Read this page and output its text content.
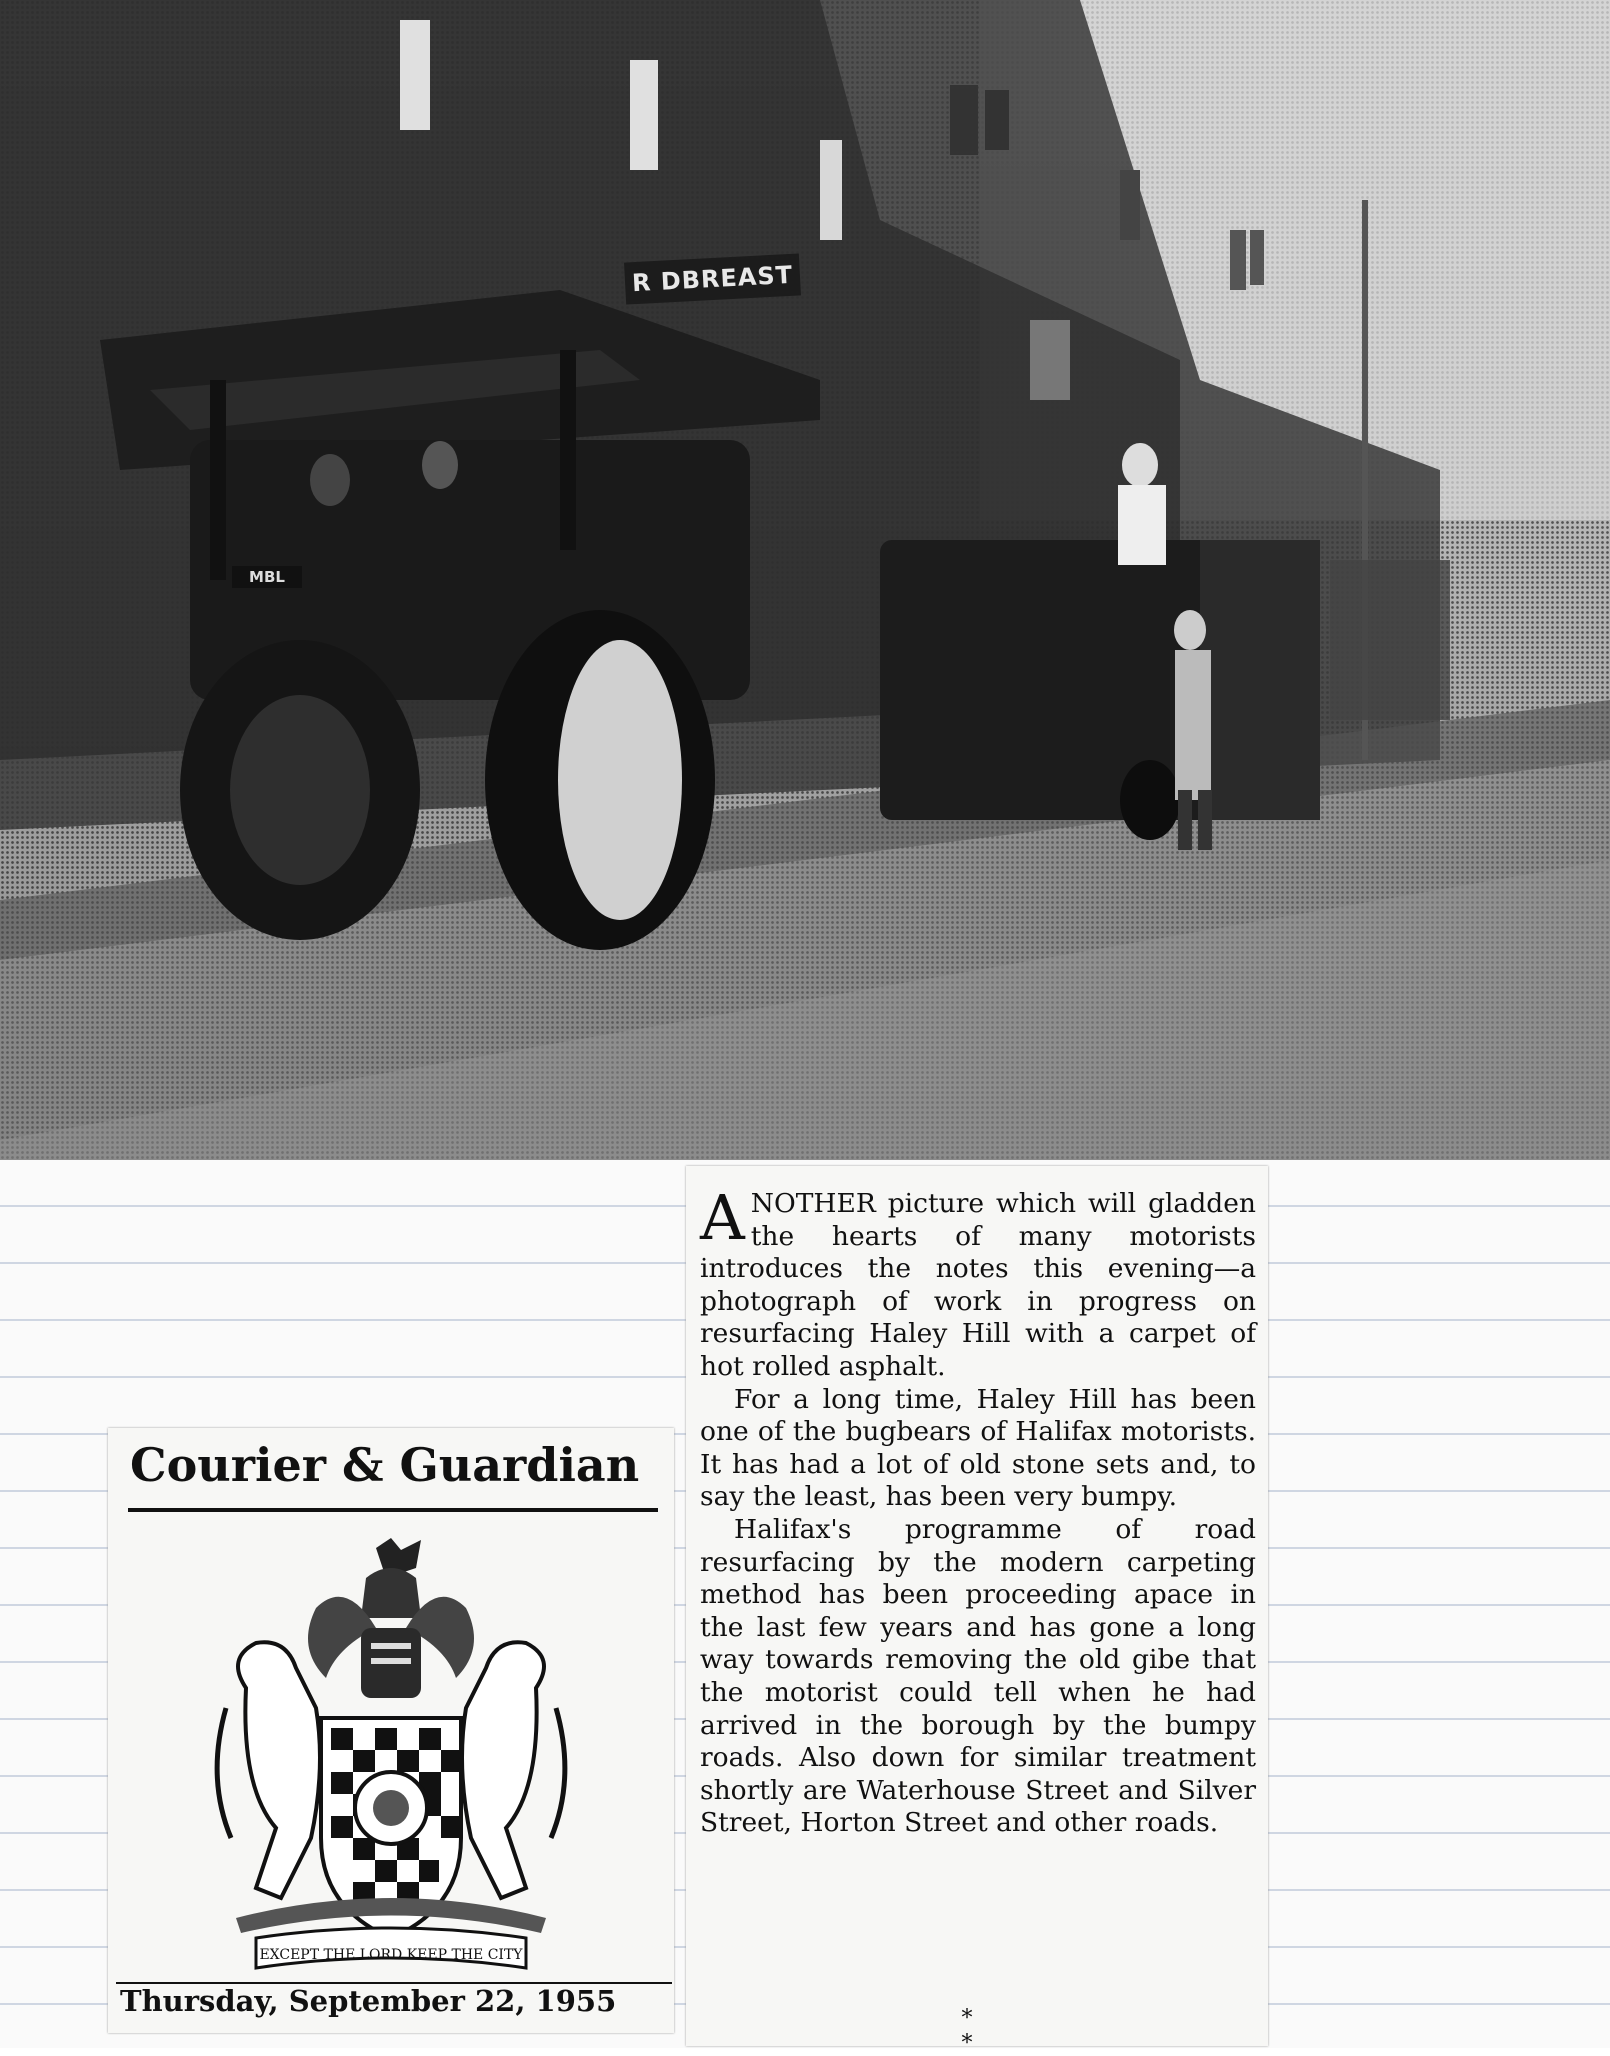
R DBREAST
MBL
Courier & Guardian
EXCEPT THE LORD KEEP THE CITY
Thursday, September 22, 1955

ANOTHER picture which will gladden the hearts of many motorists introduces the notes this evening—a photograph of work in progress on resurfacing Haley Hill with a carpet of hot rolled asphalt.

For a long time, Haley Hill has been one of the bugbears of Halifax motorists. It has had a lot of old stone sets and, to say the least, has been very bumpy.

Halifax's programme of road resurfacing by the modern carpeting method has been proceeding apace in the last few years and has gone a long way towards removing the old gibe that the motorist could tell when he had arrived in the borough by the bumpy roads. Also down for similar treatment shortly are Waterhouse Street and Silver Street, Horton Street and other roads.

* *
